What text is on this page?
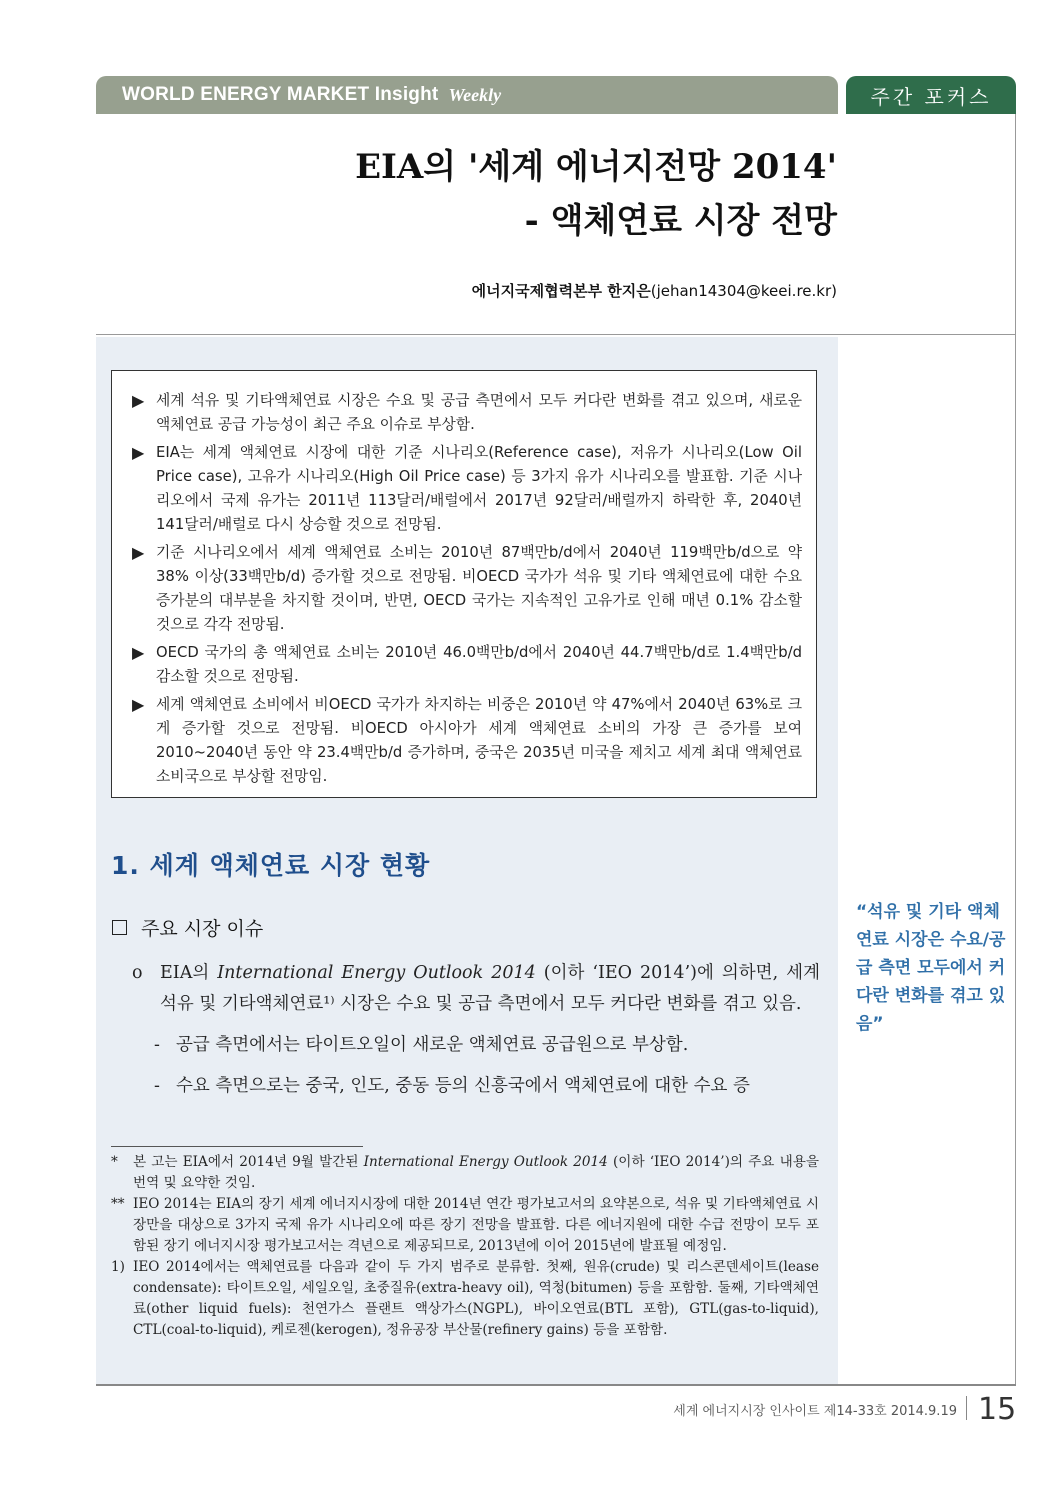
WORLD ENERGY MARKET Insight Weekly	주간 포커스
EIA의 '세계 에너지전망 2014'
- 액체연료 시장 전망
에너지국제협력본부 한지은(jehan14304@keei.re.kr)
▶ 세계 석유 및 기타액체연료 시장은 수요 및 공급 측면에서 모두 커다란 변화를 겪고 있으며, 새로운 액체연료 공급 가능성이 최근 주요 이슈로 부상함.
▶ EIA는 세계 액체연료 시장에 대한 기준 시나리오(Reference case), 저유가 시나리오(Low Oil Price case), 고유가 시나리오(High Oil Price case) 등 3가지 유가 시나리오를 발표함. 기준 시나리오에서 국제 유가는 2011년 113달러/배럴에서 2017년 92달러/배럴까지 하락한 후, 2040년 141달러/배럴로 다시 상승할 것으로 전망됨.
▶ 기준 시나리오에서 세계 액체연료 소비는 2010년 87백만b/d에서 2040년 119백만b/d으로 약 38% 이상(33백만b/d) 증가할 것으로 전망됨. 비OECD 국가가 석유 및 기타 액체연료에 대한 수요 증가분의 대부분을 차지할 것이며, 반면, OECD 국가는 지속적인 고유가로 인해 매년 0.1% 감소할 것으로 각각 전망됨.
▶ OECD 국가의 총 액체연료 소비는 2010년 46.0백만b/d에서 2040년 44.7백만b/d로 1.4백만b/d 감소할 것으로 전망됨.
▶ 세계 액체연료 소비에서 비OECD 국가가 차지하는 비중은 2010년 약 47%에서 2040년 63%로 크게 증가할 것으로 전망됨. 비OECD 아시아가 세계 액체연료 소비의 가장 큰 증가를 보여 2010~2040년 동안 약 23.4백만b/d 증가하며, 중국은 2035년 미국을 제치고 세계 최대 액체연료 소비국으로 부상할 전망임.
1. 세계 액체연료 시장 현황
주요 시장 이슈
o EIA의 International Energy Outlook 2014 (이하 ‘IEO 2014’)에 의하면, 세계 석유 및 기타액체연료¹⁾ 시장은 수요 및 공급 측면에서 모두 커다란 변화를 겪고 있음.
- 공급 측면에서는 타이트오일이 새로운 액체연료 공급원으로 부상함.
- 수요 측면으로는 중국, 인도, 중동 등의 신흥국에서 액체연료에 대한 수요 증
*	본 고는 EIA에서 2014년 9월 발간된 International Energy Outlook 2014 (이하 ‘IEO 2014’)의 주요 내용을 번역 및 요약한 것임.
** IEO 2014는 EIA의 장기 세계 에너지시장에 대한 2014년 연간 평가보고서의 요약본으로, 석유 및 기타액체연료 시장만을 대상으로 3가지 국제 유가 시나리오에 따른 장기 전망을 발표함. 다른 에너지원에 대한 수급 전망이 모두 포함된 장기 에너지시장 평가보고서는 격년으로 제공되므로, 2013년에 이어 2015년에 발표될 예정임.
1) IEO 2014에서는 액체연료를 다음과 같이 두 가지 범주로 분류함. 첫째, 원유(crude) 및 리스콘덴세이트(lease condensate): 타이트오일, 세일오일, 초중질유(extra-heavy oil), 역청(bitumen) 등을 포함함. 둘째, 기타액체연료(other liquid fuels): 천연가스 플랜트 액상가스(NGPL), 바이오연료(BTL 포함), GTL(gas-to-liquid), CTL(coal-to-liquid), 케로젠(kerogen), 정유공장 부산물(refinery gains) 등을 포함함.
“석유 및 기타 액체연료 시장은 수요/공급 측면 모두에서 커다란 변화를 겪고 있음”
세계 에너지시장 인사이트 제14-33호 2014.9.19 15
